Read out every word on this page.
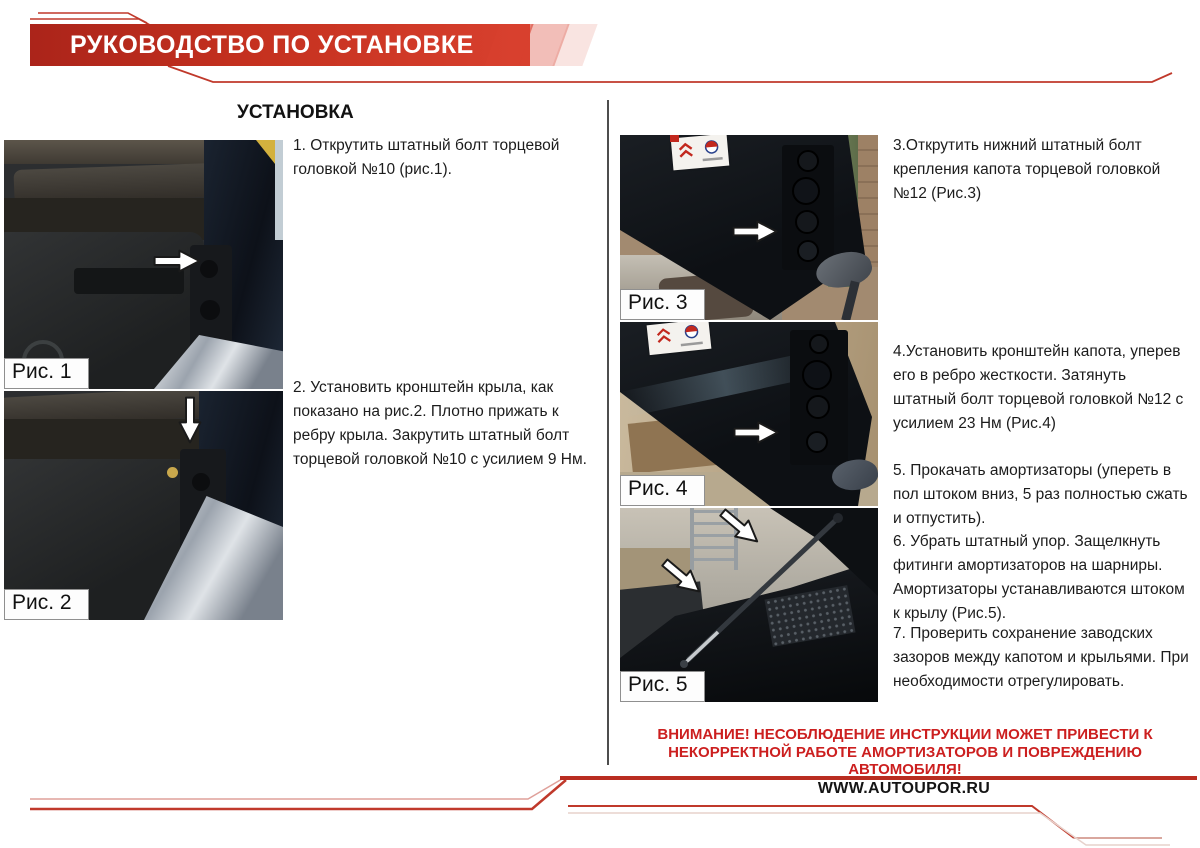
РУКОВОДСТВО ПО УСТАНОВКЕ
УСТАНОВКА
1. Открутить штатный болт торцевой головкой №10 (рис.1).
2. Установить кронштейн крыла, как показано на рис.2. Плотно прижать к ребру крыла. Закрутить штатный болт торцевой головкой №10 с усилием 9 Нм.
3.Открутить нижний штатный болт крепления капота торцевой головкой №12 (Рис.3)
4.Установить кронштейн капота, уперев его в ребро жесткости. Затянуть штатный болт торцевой головкой №12 с усилием 23 Нм (Рис.4)
5. Прокачать амортизаторы (упереть в пол штоком вниз, 5 раз полностью сжать и отпустить).
6. Убрать штатный упор. Защелкнуть фитинги амортизаторов на шарниры. Амортизаторы устанавливаются штоком к крылу (Рис.5).
7. Проверить сохранение заводских зазоров между капотом и крыльями. При необходимости отрегулировать.
Рис. 1
Рис. 2
Рис. 3
Рис. 4
Рис. 5
ВНИМАНИЕ! НЕСОБЛЮДЕНИЕ ИНСТРУКЦИИ МОЖЕТ ПРИВЕСТИ К
НЕКОРРЕКТНОЙ РАБОТЕ АМОРТИЗАТОРОВ И ПОВРЕЖДЕНИЮ
АВТОМОБИЛЯ!
WWW.AUTOUPOR.RU
